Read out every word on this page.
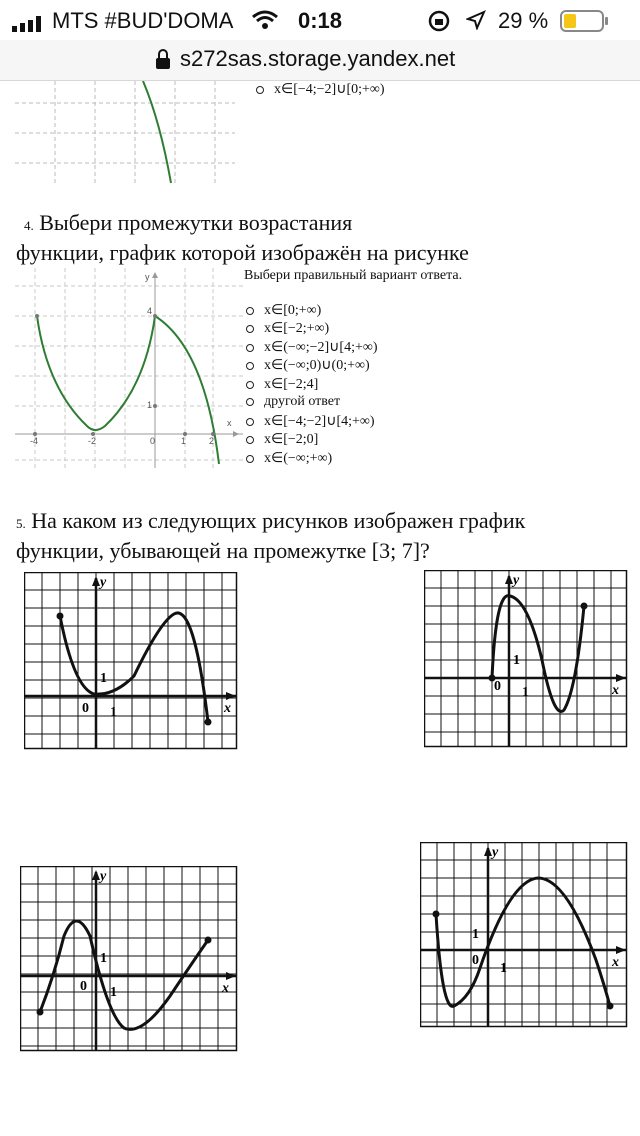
MTS #BUD'DOMA	0:18	29 %
s272sas.storage.yandex.net
x∈[−4;−2]∪[0;+∞)
4. Выбери промежутки возрастания
функции, график которой изображён на рисунке
Выбери правильный вариант ответа.
y
x
4
1
-4	-2	0	1	2
x∈[0;+∞)
x∈[−2;+∞)
x∈(−∞;−2]∪[4;+∞)
x∈(−∞;0)∪(0;+∞)
x∈[−2;4]
другой ответ
x∈[−4;−2]∪[4;+∞)
x∈[−2;0]
x∈(−∞;+∞)
5. На каком из следующих рисунков изображен график
функции, убывающей на промежутке [3; 7]?
y
x
0 1
1
y
x
0 1
1
y
x
0 1
1
y
x
0
1
1
